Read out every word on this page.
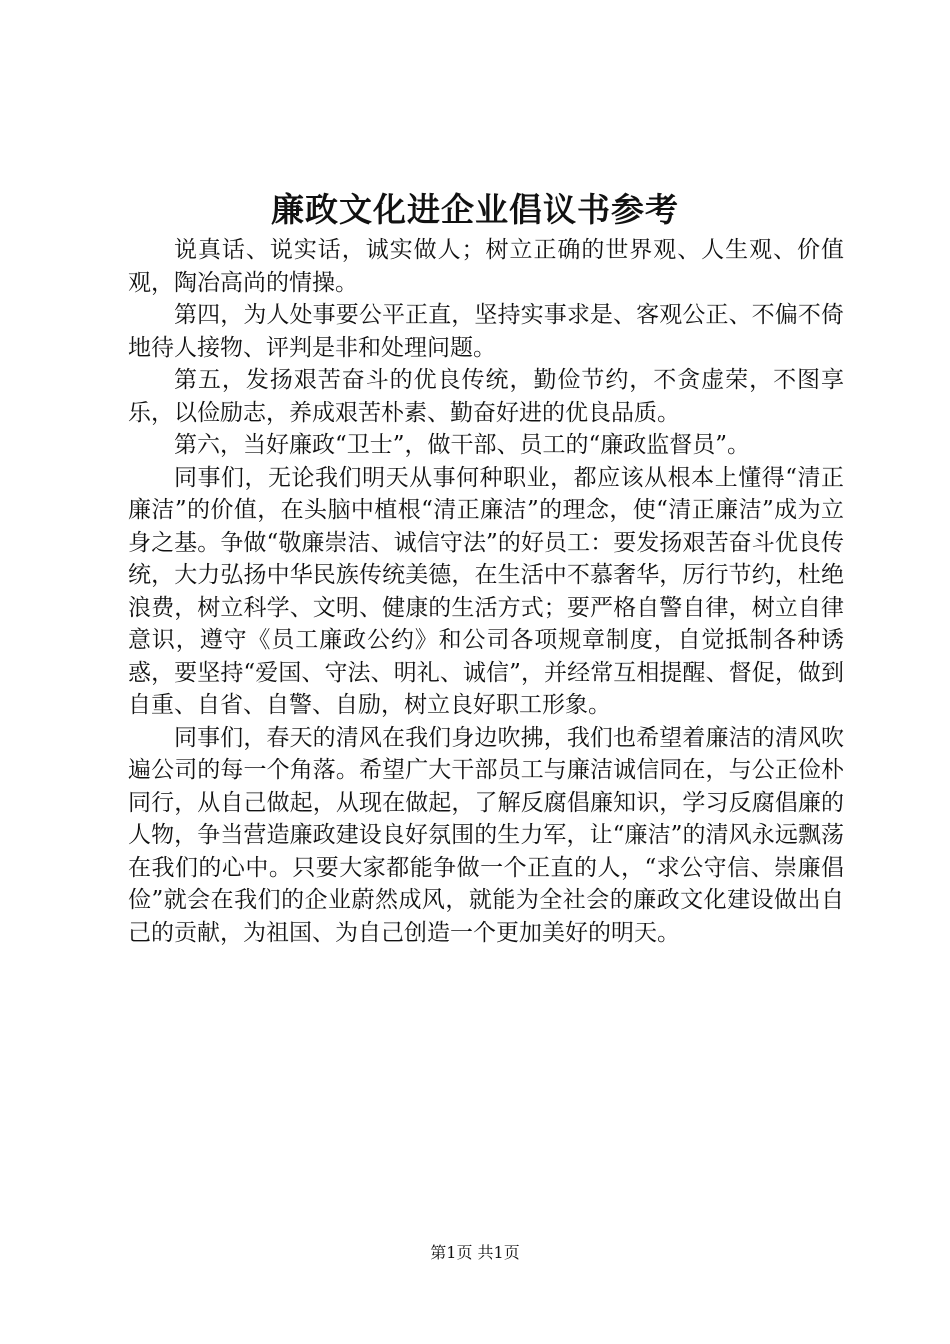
廉政文化进企业倡议书参考

说真话、说实话，诚实做人；树立正确的世界观、人生观、价值观，陶冶高尚的情操。

第四，为人处事要公平正直，坚持实事求是、客观公正、不偏不倚地待人接物、评判是非和处理问题。

第五，发扬艰苦奋斗的优良传统，勤俭节约，不贪虚荣，不图享乐，以俭励志，养成艰苦朴素、勤奋好进的优良品质。

第六，当好廉政“卫士”，做干部、员工的“廉政监督员”。

同事们，无论我们明天从事何种职业，都应该从根本上懂得“清正廉洁”的价值，在头脑中植根“清正廉洁”的理念，使“清正廉洁”成为立身之基。争做“敬廉崇洁、诚信守法”的好员工：要发扬艰苦奋斗优良传统，大力弘扬中华民族传统美德，在生活中不慕奢华，厉行节约，杜绝浪费，树立科学、文明、健康的生活方式；要严格自警自律，树立自律意识，遵守《员工廉政公约》和公司各项规章制度，自觉抵制各种诱惑，要坚持“爱国、守法、明礼、诚信”，并经常互相提醒、督促，做到自重、自省、自警、自励，树立良好职工形象。

同事们，春天的清风在我们身边吹拂，我们也希望着廉洁的清风吹遍公司的每一个角落。希望广大干部员工与廉洁诚信同在，与公正俭朴同行，从自己做起，从现在做起，了解反腐倡廉知识，学习反腐倡廉的人物，争当营造廉政建设良好氛围的生力军，让“廉洁”的清风永远飘荡在我们的心中。只要大家都能争做一个正直的人，“求公守信、崇廉倡俭”就会在我们的企业蔚然成风，就能为全社会的廉政文化建设做出自己的贡献，为祖国、为自己创造一个更加美好的明天。

第1页 共1页
